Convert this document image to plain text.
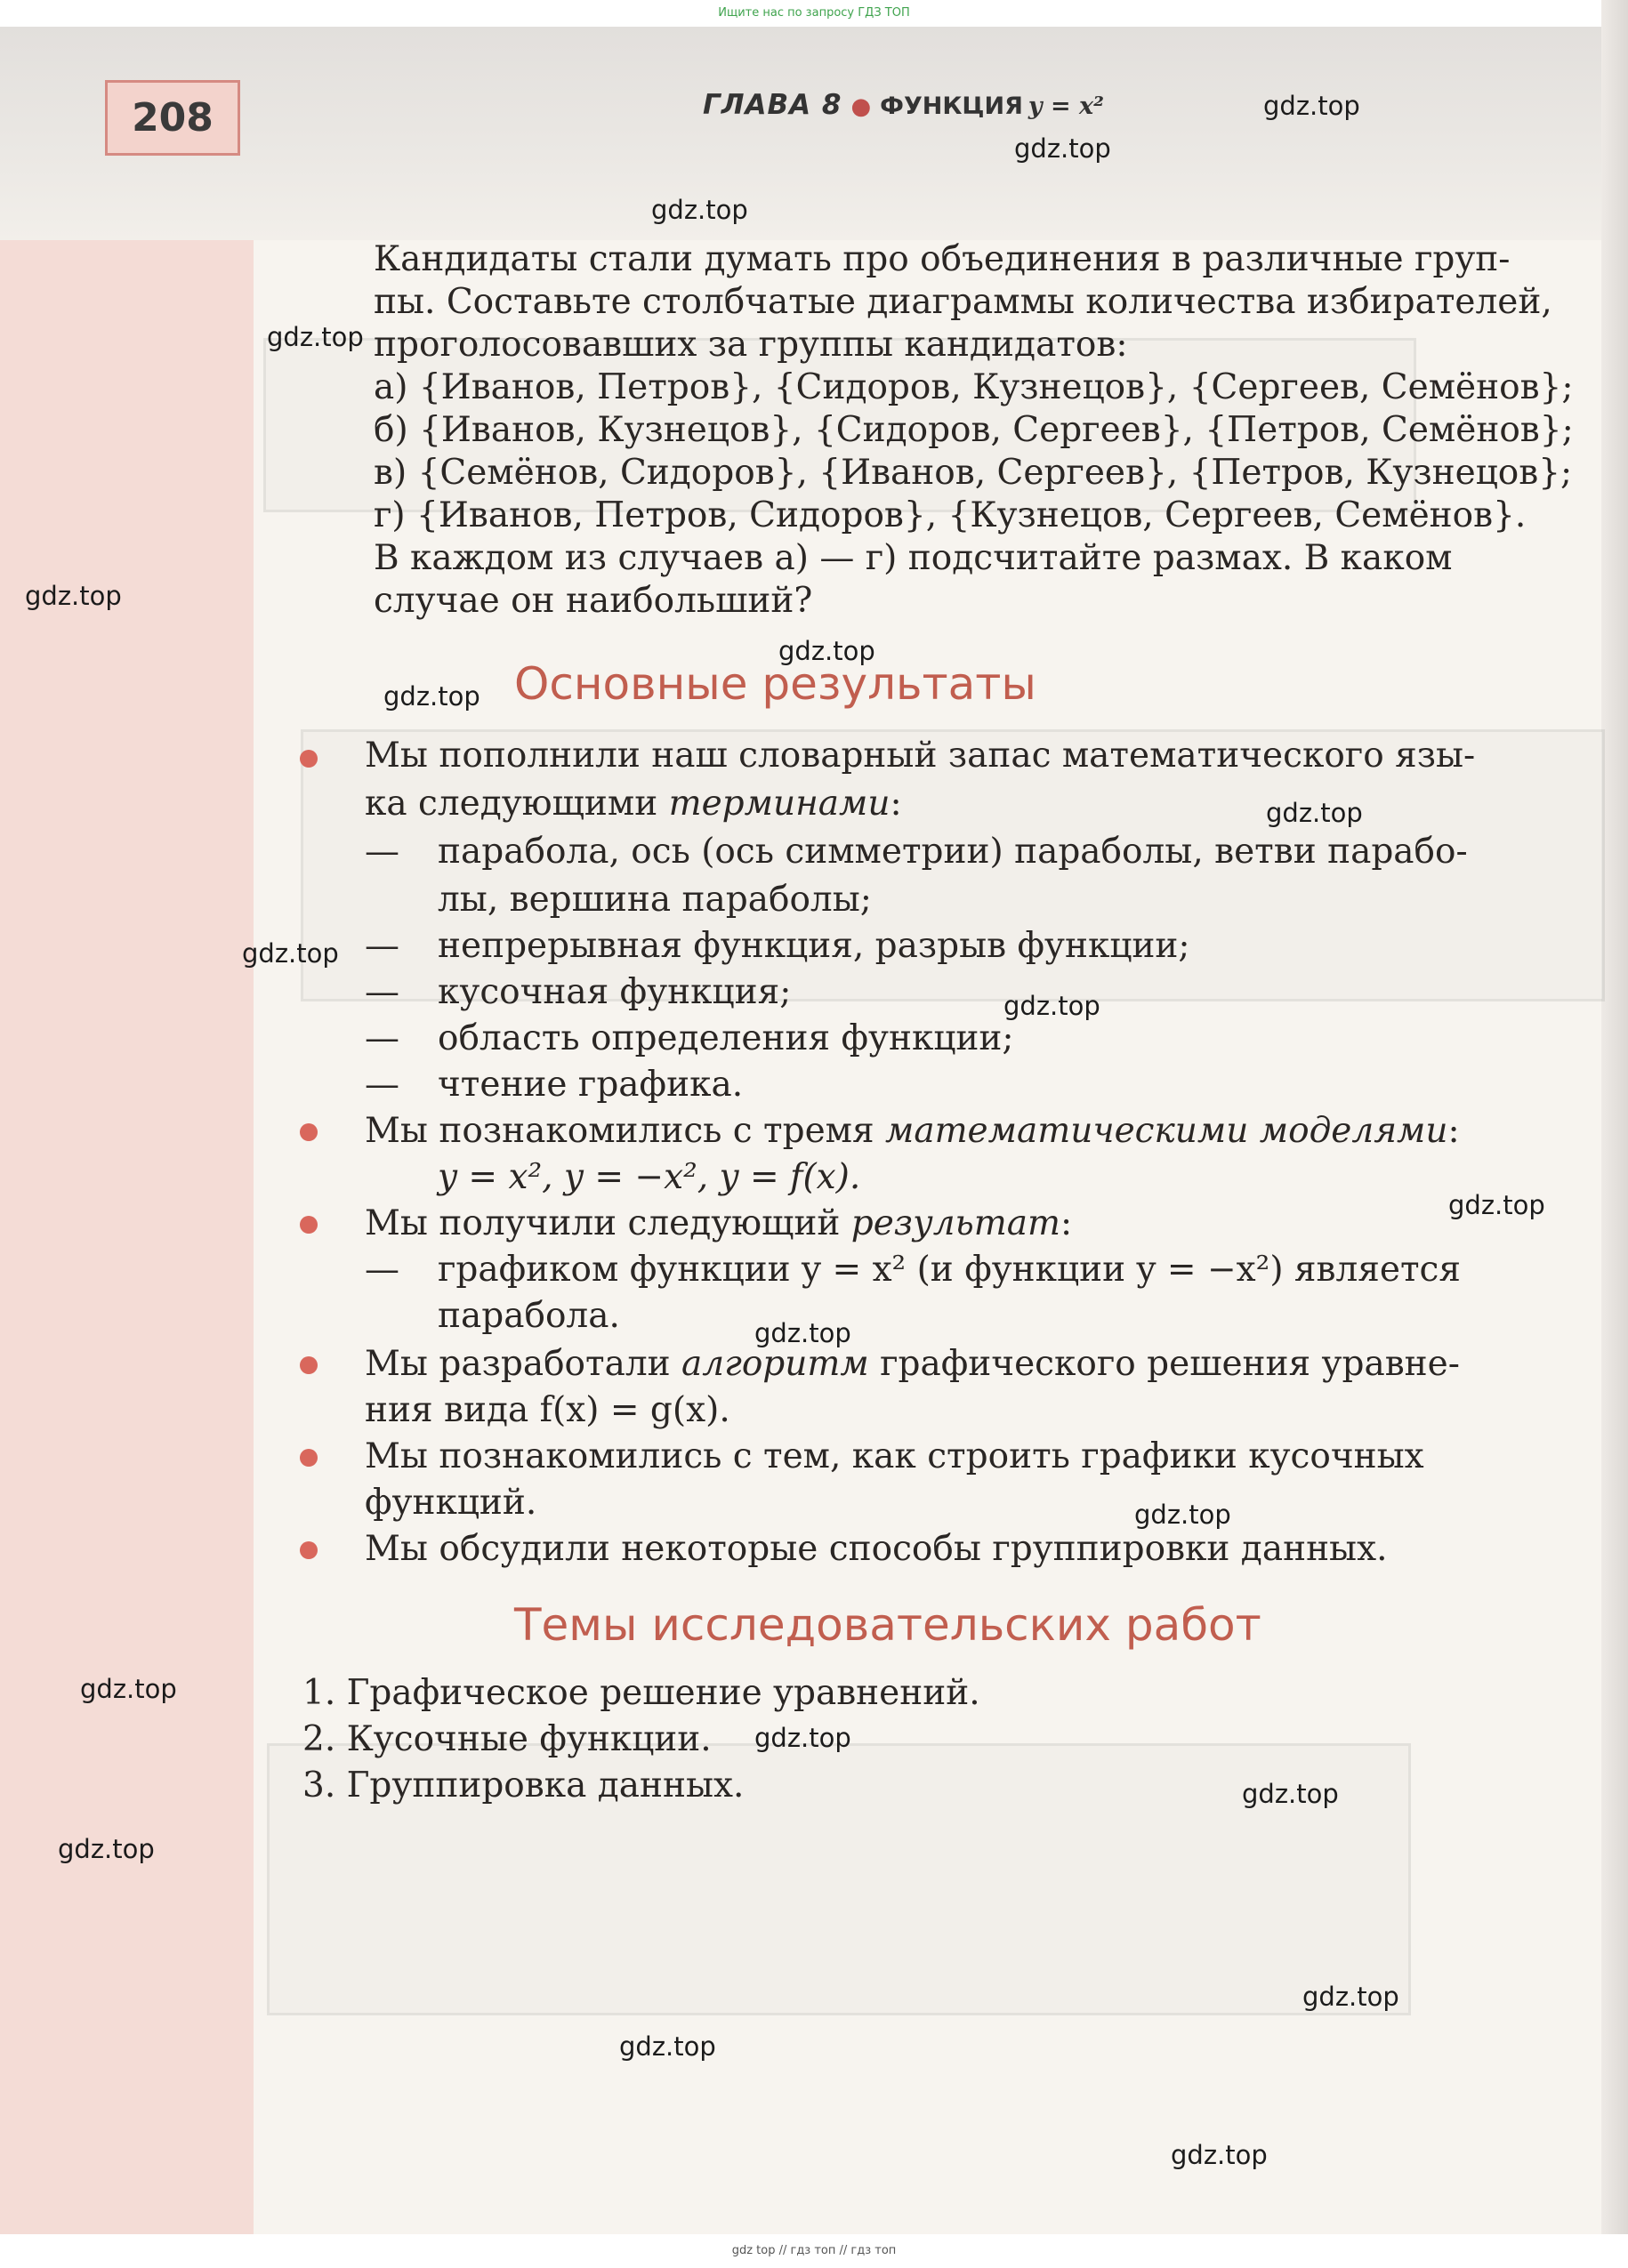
Ищите нас по запросу ГДЗ ТОП
208	ГЛАВА 8 ● ФУНКЦИЯ y = x²
Кандидаты стали думать про объединения в различные груп-
пы. Составьте столбчатые диаграммы количества избирателей,
проголосовавших за группы кандидатов:
а) {Иванов, Петров}, {Сидоров, Кузнецов}, {Сергеев, Семёнов};
б) {Иванов, Кузнецов}, {Сидоров, Сергеев}, {Петров, Семёнов};
в) {Семёнов, Сидоров}, {Иванов, Сергеев}, {Петров, Кузнецов};
г) {Иванов, Петров, Сидоров}, {Кузнецов, Сергеев, Семёнов}.
В каждом из случаев а) — г) подсчитайте размах. В каком
случае он наибольший?
Основные результаты
Мы пополнили наш словарный запас математического язы-
ка следующими терминами:
— парабола, ось (ось симметрии) параболы, ветви парабо-
лы, вершина параболы;
— непрерывная функция, разрыв функции;
— кусочная функция;
— область определения функции;
— чтение графика.
Мы познакомились с тремя математическими моделями:
y = x², y = −x², y = f(x).
Мы получили следующий результат:
— графиком функции y = x² (и функции y = −x²) является
парабола.
Мы разработали алгоритм графического решения уравне-
ния вида f(x) = g(x).
Мы познакомились с тем, как строить графики кусочных
функций.
Мы обсудили некоторые способы группировки данных.
Темы исследовательских работ
1. Графическое решение уравнений.
2. Кусочные функции.
3. Группировка данных.
gdz.top
gdz.top
gdz.top
gdz.top
gdz.top
gdz.top
gdz.top
gdz.top
gdz.top
gdz.top
gdz.top
gdz.top
gdz.top
gdz.top
gdz.top
gdz.top
gdz.top
gdz.top
gdz.top
gdz.top
gdz top // гдз топ // гдз топ
